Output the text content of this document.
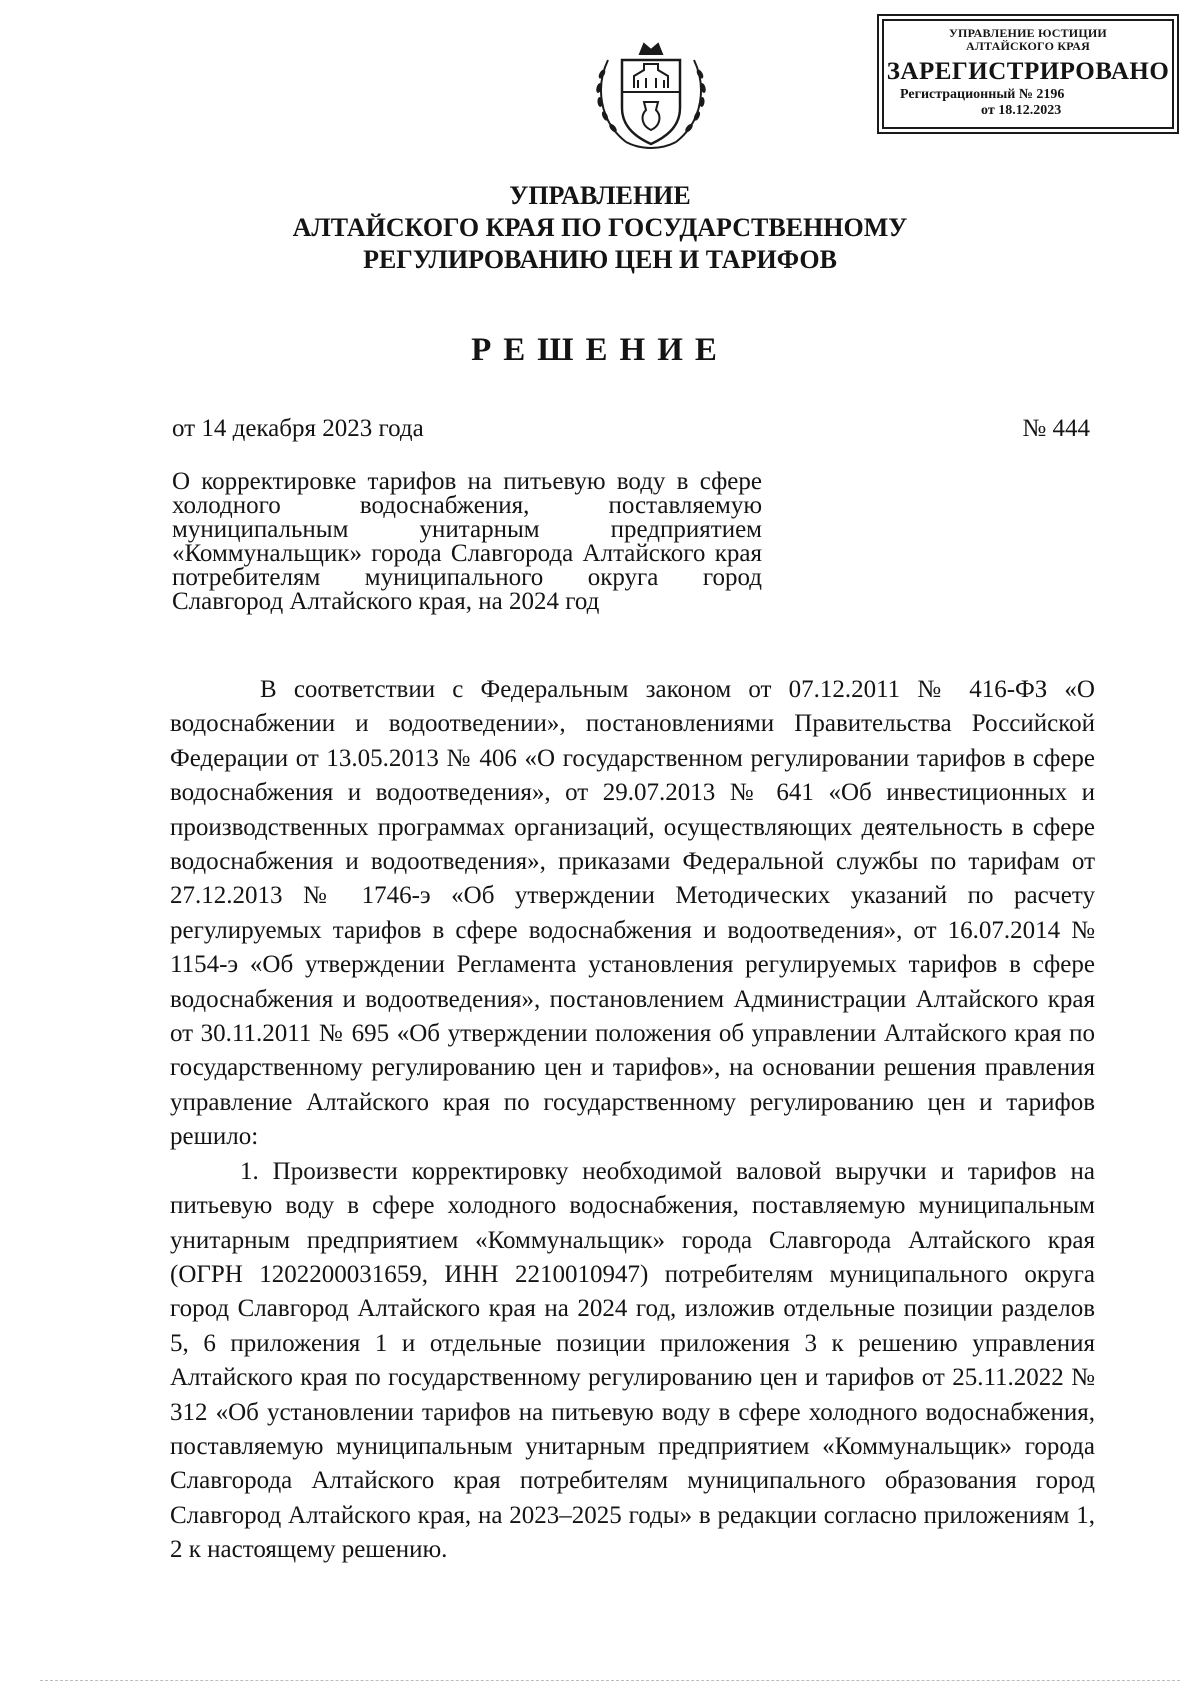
УПРАВЛЕНИЕ ЮСТИЦИИ
АЛТАЙСКОГО КРАЯ
ЗАРЕГИСТРИРОВАНО
Регистрационный № 2196
от 18.12.2023
УПРАВЛЕНИЕ
АЛТАЙСКОГО КРАЯ ПО ГОСУДАРСТВЕННОМУ
РЕГУЛИРОВАНИЮ ЦЕН И ТАРИФОВ
РЕШЕНИЕ
от 14 декабря 2023 года	№ 444
О корректировке тарифов на питьевую воду в сфере холодного водоснабжения, поставляемую муниципальным унитарным предприятием «Коммунальщик» города Славгорода Алтайского края потребителям муниципального округа город Славгород Алтайского края, на 2024 год

В соответствии с Федеральным законом от 07.12.2011 № 416-ФЗ «О водоснабжении и водоотведении», постановлениями Правительства Российской Федерации от 13.05.2013 № 406 «О государственном регулировании тарифов в сфере водоснабжения и водоотведения», от 29.07.2013 № 641 «Об инвестиционных и производственных программах организаций, осуществляющих деятельность в сфере водоснабжения и водоотведения», приказами Федеральной службы по тарифам от 27.12.2013 № 1746-э «Об утверждении Методических указаний по расчету регулируемых тарифов в сфере водоснабжения и водоотведения», от 16.07.2014 № 1154-э «Об утверждении Регламента установления регулируемых тарифов в сфере водоснабжения и водоотведения», постановлением Администрации Алтайского края от 30.11.2011 № 695 «Об утверждении положения об управлении Алтайского края по государственному регулированию цен и тарифов», на основании решения правления управление Алтайского края по государственному регулированию цен и тарифов решило:

1. Произвести корректировку необходимой валовой выручки и тарифов на питьевую воду в сфере холодного водоснабжения, поставляемую муниципальным унитарным предприятием «Коммунальщик» города Славгорода Алтайского края (ОГРН 1202200031659, ИНН 2210010947) потребителям муниципального округа город Славгород Алтайского края на 2024 год, изложив отдельные позиции разделов 5, 6 приложения 1 и отдельные позиции приложения 3 к решению управления Алтайского края по государственному регулированию цен и тарифов от 25.11.2022 № 312 «Об установлении тарифов на питьевую воду в сфере холодного водоснабжения, поставляемую муниципальным унитарным предприятием «Коммунальщик» города Славгорода Алтайского края потребителям муниципального образования город Славгород Алтайского края, на 2023–2025 годы» в редакции согласно приложениям 1, 2 к настоящему решению.
